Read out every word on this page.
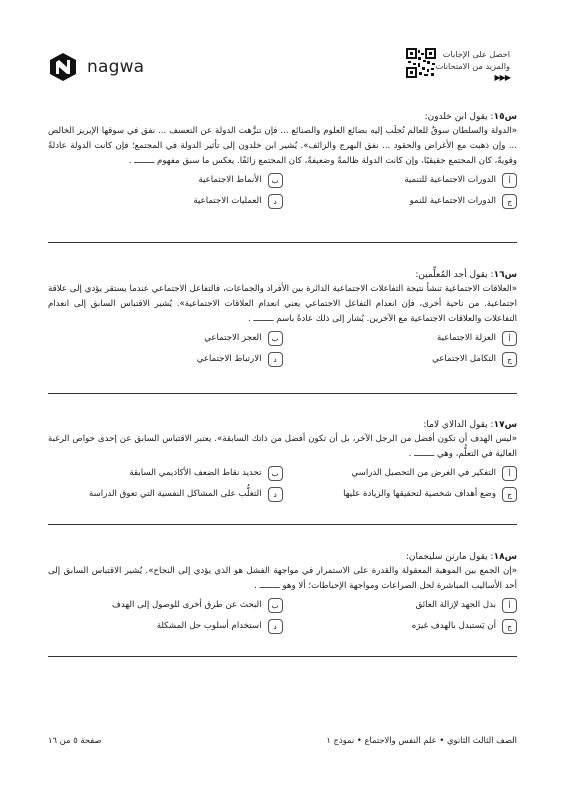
nagwa
احصل على الإجابات
والمزيد من الامتحانات
▶▶▶
س١٥: يقول ابن خلدون:
«الدولة والسلطان سوقٌ للعالم تُجلَب إليه بضائع العلوم والصنائع ... فإن تنزَّهت الدولة عن التعسف ... نفق في سوقها الإبريز الخالص ... وإن ذهبت مع الأغراض والحقود ... نفق البهرج والزائف». يُشير ابن خلدون إلى تأثير الدولة في المجتمع؛ فإن كانت الدولة عادلةً وقويةً، كان المجتمع حقيقيًا، وإن كانت الدولة ظالمةً وضعيفةً، كان المجتمع زائفًا. يعكس ما سبق مفهوم ــــــــ .
أ
الدورات الاجتماعية للتنمية
ب
الأنماط الاجتماعية
ج
الدورات الاجتماعية للنمو
د
العمليات الاجتماعية
س١٦: يقول أحد المُعلِّمين:
«العلاقات الاجتماعية تنشأ نتيجة التفاعلات الاجتماعية الدائرة بين الأفراد والجماعات، فالتفاعل الاجتماعي عندما يستقر يؤدي إلى علاقة اجتماعية. من ناحية أخرى، فإن انعدام التفاعل الاجتماعي يعني انعدام العلاقات الاجتماعية». يُشير الاقتباس السابق إلى انعدام التفاعلات والعلاقات الاجتماعية مع الآخرين. يُشار إلى ذلك عادةً باسم ــــــــ .
أ
العزلة الاجتماعية
ب
العجز الاجتماعي
ج
التكامل الاجتماعي
د
الارتباط الاجتماعي
س١٧: يقول الدالاي لاما:
«ليس الهدف أن تكون أفضل من الرجل الآخر، بل أن تكون أفضل من ذاتك السابقة». يعتبر الاقتباس السابق عن إحدى خواص الرغبة العالية في التعلُّم، وهي ــــــــ .
أ
التفكير في الغرض من التحصيل الدراسي
ب
تحديد نقاط الضعف الأكاديمي السابقة
ج
وضع أهداف شخصية لتحقيقها والزيادة عليها
د
التغلُّب على المشاكل النفسية التي تعوق الدراسة
س١٨: يقول مارتن سليجمان:
«إن الجمع بين الموهبة المعقولة والقدرة على الاستمرار في مواجهة الفشل هو الذي يؤدي إلى النجاح». يُشير الاقتباس السابق إلى أحد الأساليب المباشرة لحل الصراعات ومواجهة الإحباطات؛ ألا وهو ــــــــ .
أ
بذل الجهد لإزالة العائق
ب
البحث عن طرق أخرى للوصول إلى الهدف
ج
أن يَستبدل بالهدف غيرَه
د
استخدام أسلوب حل المشكلة
الصف الثالث الثانوي • علم النفس والاجتماع • نموذج ١
صفحة ٥ من ١٦
